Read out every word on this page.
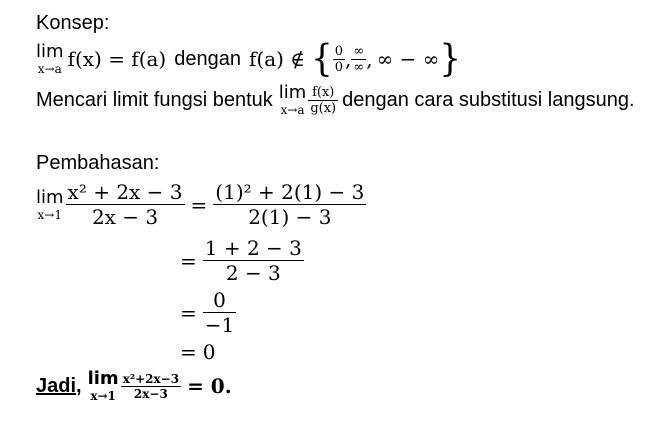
Konsep:
lim
x→a f(x) = f(a) dengan f(a) ∉ { $\frac{0}{0}$ , $\frac{\infty}{\infty}$ , ∞ − ∞ }
Mencari limit fungsi bentuk lim
$x\to a \frac{f(x)}{g(x)}$ dengan cara substitusi langsung.
Pembahasan:
lim
$x\to 1 \frac{\text{x² + 2x − 3}}{2x - 3} = \frac{\text{(1)² + 2(1) − 3}}{2(1) - 3}$
= $\frac{1 + 2 - 3}{2 - 3}$
= $\frac{0}{-1}$
= 0
Jadi, lim
$x\to 1 \frac{\text{x²+2x−3}}{2x-3} = 0$.
